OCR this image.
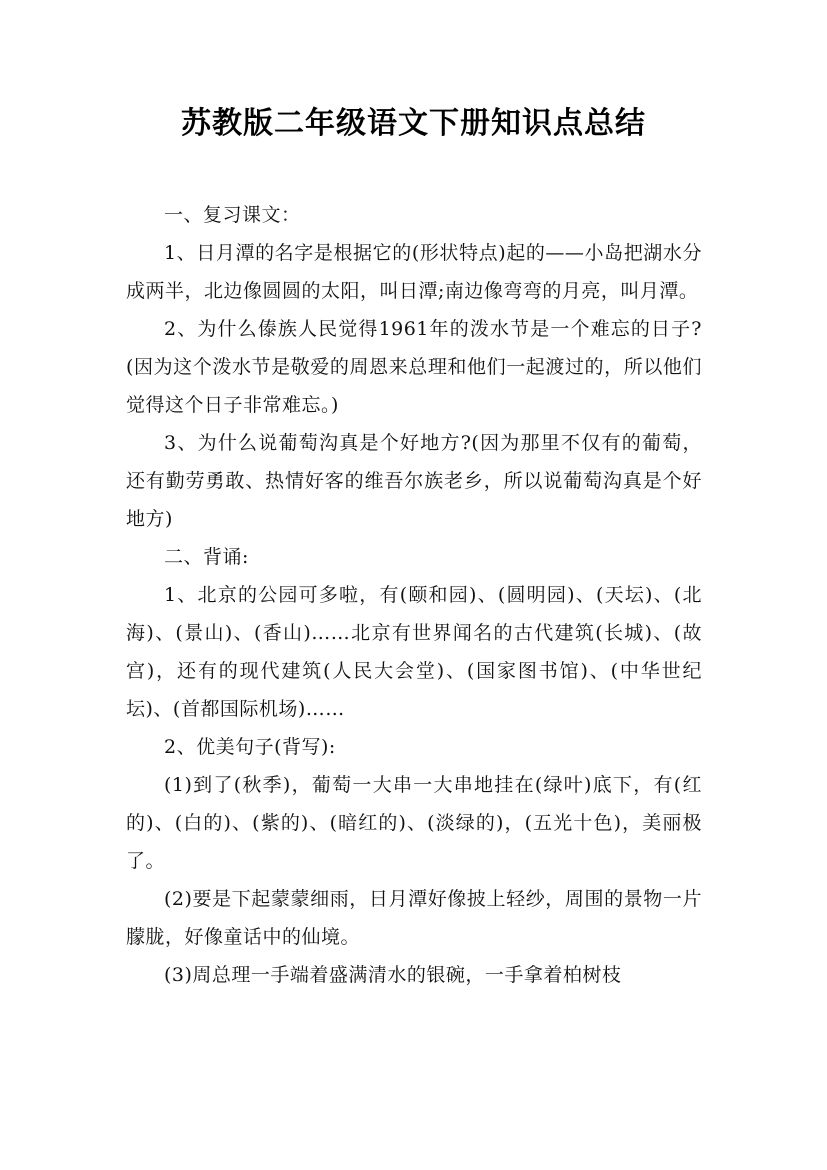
苏教版二年级语文下册知识点总结

一、复习课文：

1、日月潭的名字是根据它的(形状特点)起的——小岛把湖水分成两半，北边像圆圆的太阳，叫日潭;南边像弯弯的月亮，叫月潭。

2、为什么傣族人民觉得1961年的泼水节是一个难忘的日子?(因为这个泼水节是敬爱的周恩来总理和他们一起渡过的，所以他们觉得这个日子非常难忘。)

3、为什么说葡萄沟真是个好地方?(因为那里不仅有的葡萄，还有勤劳勇敢、热情好客的维吾尔族老乡，所以说葡萄沟真是个好地方)

二、背诵:

1、北京的公园可多啦，有(颐和园)、(圆明园)、(天坛)、(北海)、(景山)、(香山)……北京有世界闻名的古代建筑(长城)、(故宫)，还有的现代建筑(人民大会堂)、(国家图书馆)、(中华世纪坛)、(首都国际机场)……

2、优美句子(背写):

(1)到了(秋季)，葡萄一大串一大串地挂在(绿叶)底下，有(红的)、(白的)、(紫的)、(暗红的)、(淡绿的)，(五光十色)，美丽极了。

(2)要是下起蒙蒙细雨，日月潭好像披上轻纱，周围的景物一片朦胧，好像童话中的仙境。

(3)周总理一手端着盛满清水的银碗，一手拿着柏树枝
